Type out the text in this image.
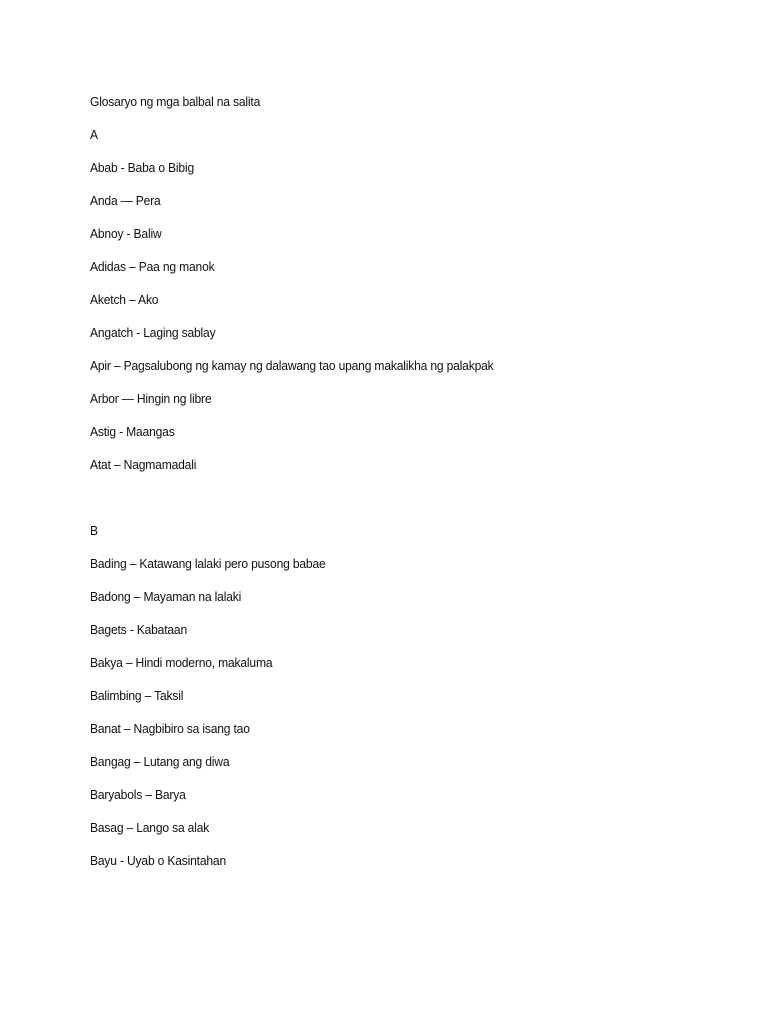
Glosaryo ng mga balbal na salita
A
Abab - Baba o Bibig
Anda — Pera
Abnoy - Baliw
Adidas – Paa ng manok
Aketch – Ako
Angatch - Laging sablay
Apir – Pagsalubong ng kamay ng dalawang tao upang makalikha ng palakpak
Arbor — Hingin ng libre
Astig - Maangas
Atat – Nagmamadali
B
Bading – Katawang lalaki pero pusong babae
Badong – Mayaman na lalaki
Bagets - Kabataan
Bakya – Hindi moderno, makaluma
Balimbing – Taksil
Banat – Nagbibiro sa isang tao
Bangag – Lutang ang diwa
Baryabols – Barya
Basag – Lango sa alak
Bayu - Uyab o Kasintahan
